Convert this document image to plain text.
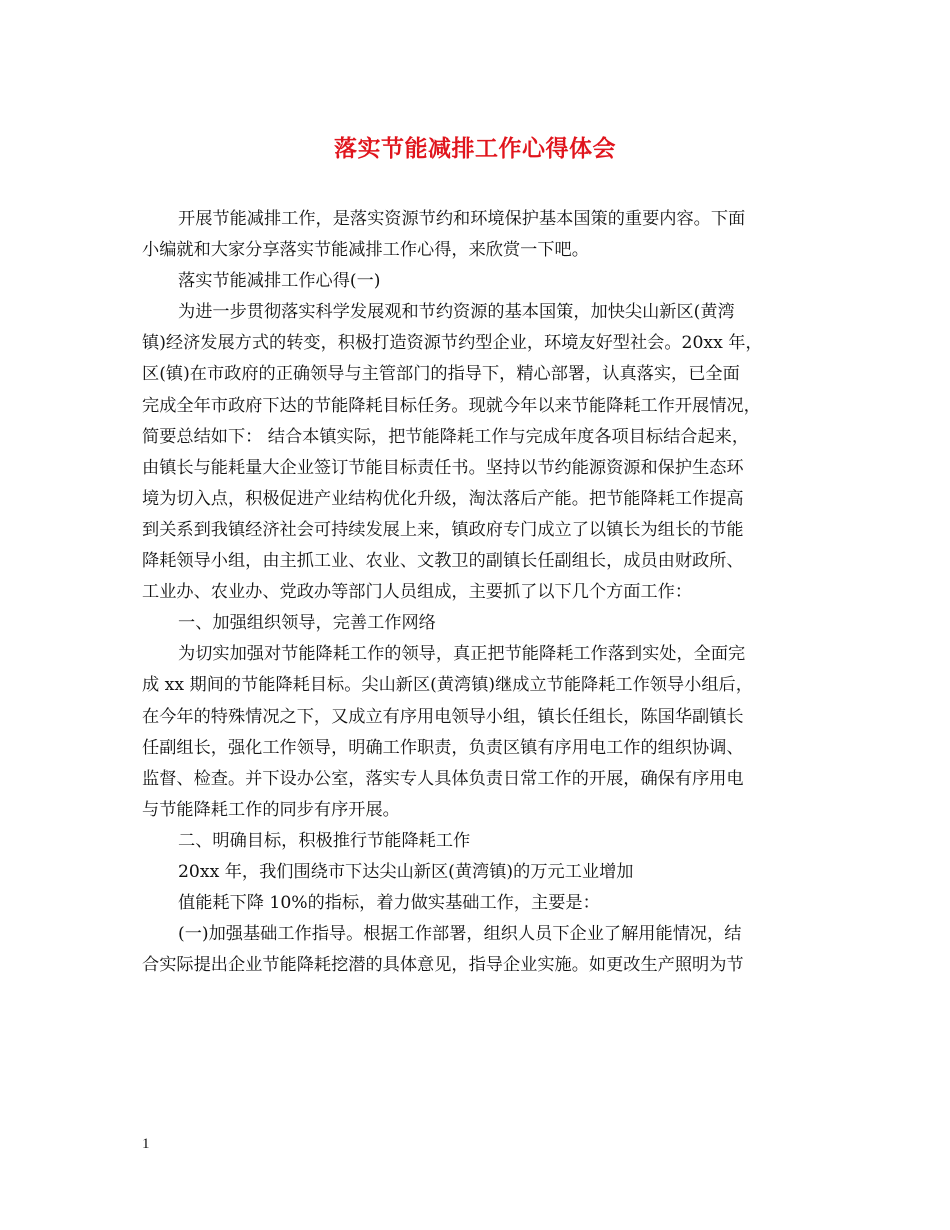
落实节能减排工作心得体会
开展节能减排工作，是落实资源节约和环境保护基本国策的重要内容。下面
小编就和大家分享落实节能减排工作心得，来欣赏一下吧。
落实节能减排工作心得(一)
为进一步贯彻落实科学发展观和节约资源的基本国策，加快尖山新区(黄湾
镇)经济发展方式的转变，积极打造资源节约型企业，环境友好型社会。20xx 年，
区(镇)在市政府的正确领导与主管部门的指导下，精心部署，认真落实，已全面
完成全年市政府下达的节能降耗目标任务。现就今年以来节能降耗工作开展情况，
简要总结如下： 结合本镇实际，把节能降耗工作与完成年度各项目标结合起来，
由镇长与能耗量大企业签订节能目标责任书。坚持以节约能源资源和保护生态环
境为切入点，积极促进产业结构优化升级，淘汰落后产能。把节能降耗工作提高
到关系到我镇经济社会可持续发展上来，镇政府专门成立了以镇长为组长的节能
降耗领导小组，由主抓工业、农业、文教卫的副镇长任副组长，成员由财政所、
工业办、农业办、党政办等部门人员组成，主要抓了以下几个方面工作：
一、加强组织领导，完善工作网络
为切实加强对节能降耗工作的领导，真正把节能降耗工作落到实处，全面完
成 xx 期间的节能降耗目标。尖山新区(黄湾镇)继成立节能降耗工作领导小组后，
在今年的特殊情况之下，又成立有序用电领导小组，镇长任组长，陈国华副镇长
任副组长，强化工作领导，明确工作职责，负责区镇有序用电工作的组织协调、
监督、检查。并下设办公室，落实专人具体负责日常工作的开展，确保有序用电
与节能降耗工作的同步有序开展。
二、明确目标，积极推行节能降耗工作
20xx 年，我们围绕市下达尖山新区(黄湾镇)的万元工业增加
值能耗下降 10%的指标，着力做实基础工作，主要是：
(一)加强基础工作指导。根据工作部署，组织人员下企业了解用能情况，结
合实际提出企业节能降耗挖潜的具体意见，指导企业实施。如更改生产照明为节
1
